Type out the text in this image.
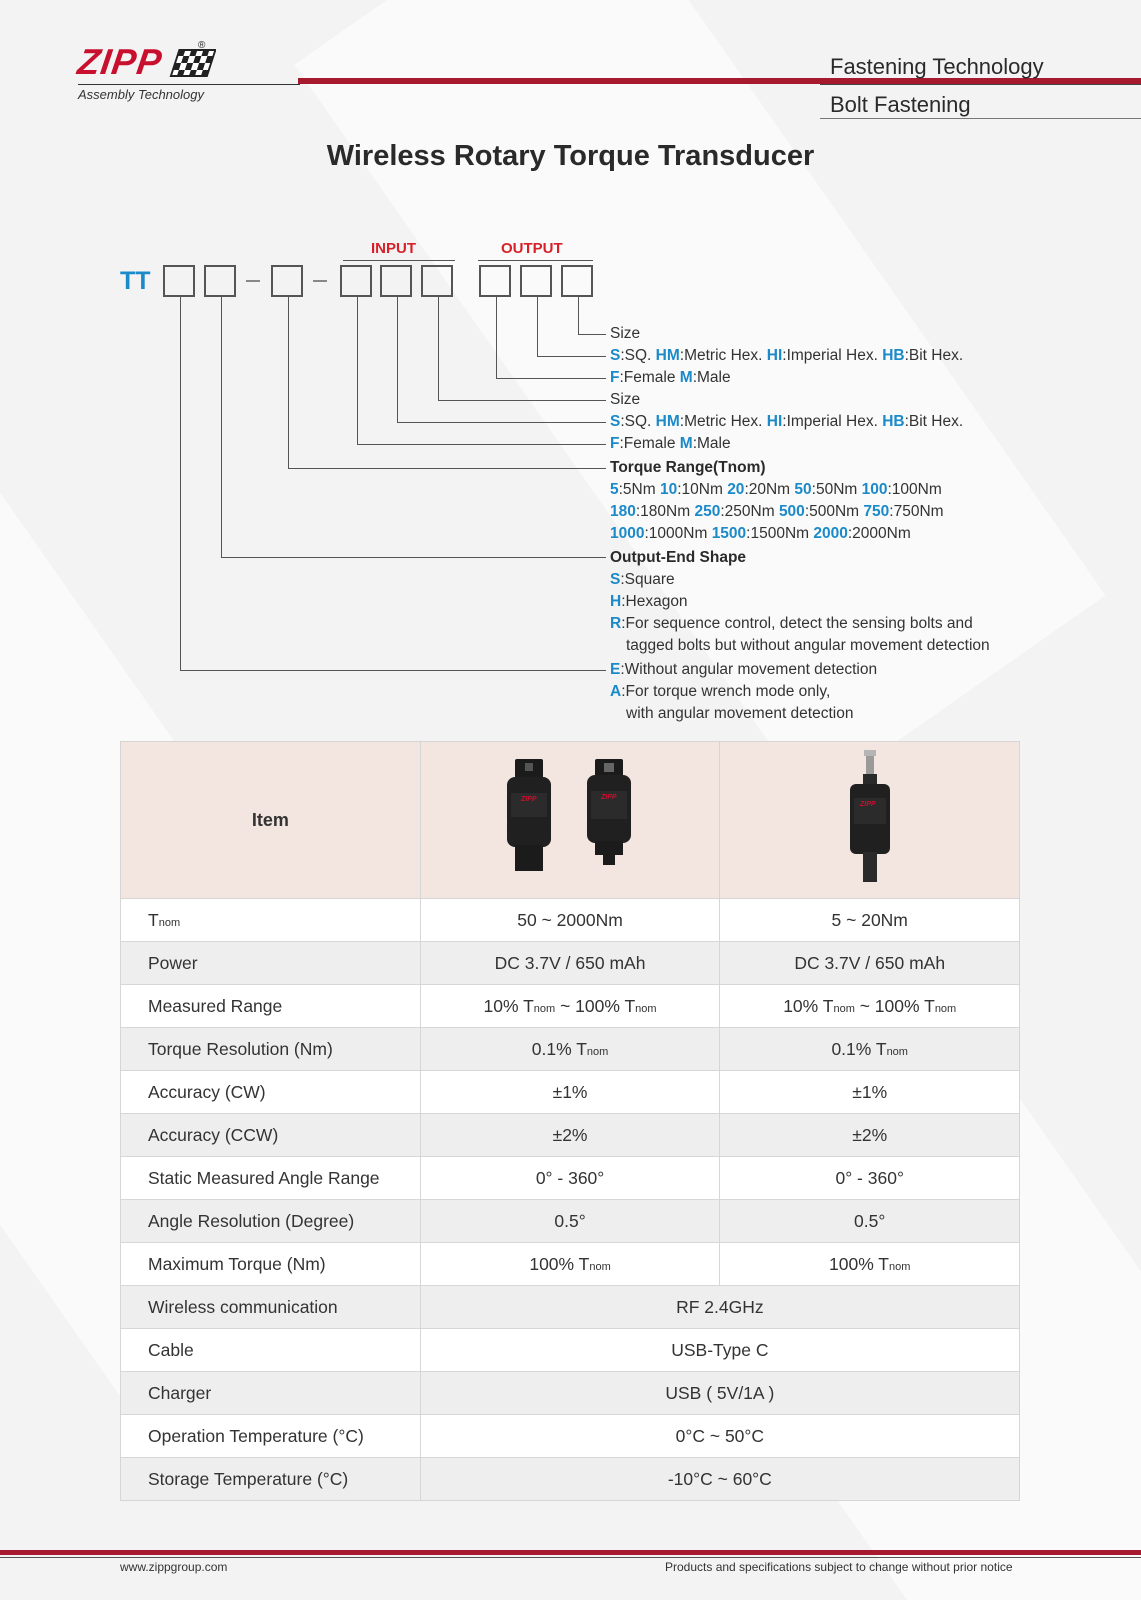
ZIPP	®
Assembly Technology
Fastening Technology
Bolt Fastening
Wireless Rotary Torque Transducer
INPUT	OUTPUT
TT
Size
S:SQ. HM:Metric Hex. HI:Imperial Hex. HB:Bit Hex.
F:Female M:Male
Size
S:SQ. HM:Metric Hex. HI:Imperial Hex. HB:Bit Hex.
F:Female M:Male
Torque Range(Tnom)
5:5Nm 10:10Nm 20:20Nm 50:50Nm 100:100Nm
180:180Nm 250:250Nm 500:500Nm 750:750Nm
1000:1000Nm 1500:1500Nm 2000:2000Nm
Output-End Shape
S:Square
H:Hexagon
R:For sequence control, detect the sensing bolts and
tagged bolts but without angular movement detection
E:Without angular movement detection
A:For torque wrench mode only,
with angular movement detection
Item	ZIPP ZIPP	ZIPP

Tnom	50 ~ 2000Nm	5 ~ 20Nm
Power	DC 3.7V / 650 mAh	DC 3.7V / 650 mAh
Measured Range	10% Tnom ~ 100% Tnom	10% Tnom ~ 100% Tnom
Torque Resolution (Nm)	0.1% Tnom	0.1% Tnom
Accuracy (CW)	±1%	±1%
Accuracy (CCW)	±2%	±2%
Static Measured Angle Range	0° - 360°	0° - 360°
Angle Resolution (Degree)	0.5°	0.5°
Maximum Torque (Nm)	100% Tnom	100% Tnom
Wireless communication	RF 2.4GHz	
Cable	USB-Type C	
Charger	USB ( 5V/1A )	
Operation Temperature (°C)	0°C ~ 50°C	
Storage Temperature (°C)	-10°C ~ 60°C	
www.zippgroup.com	Products and specifications subject to change without prior notice
